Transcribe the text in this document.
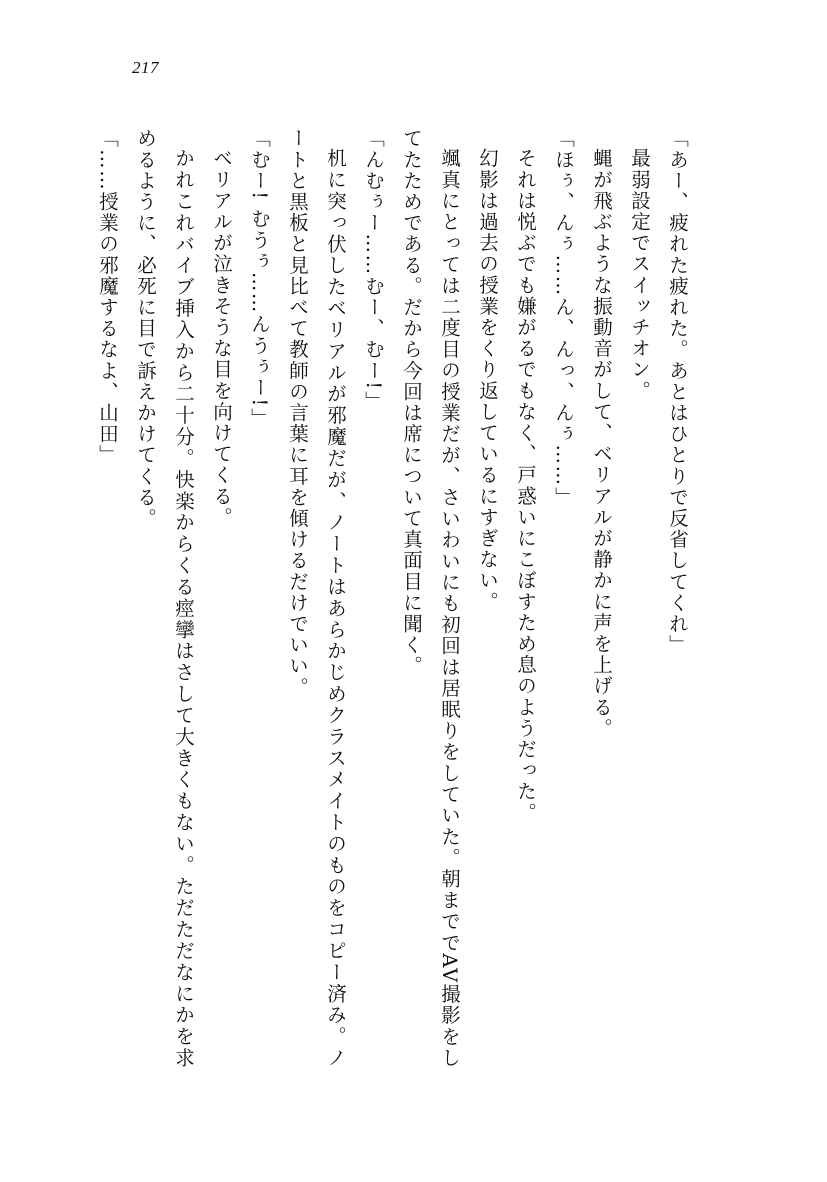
217

「あー、疲れた疲れた。あとはひとりで反省してくれ」

最弱設定でスイッチオン。

蝿が飛ぶような振動音がして、ベリアルが静かに声を上げる。

「ほぅ、んぅ……ん、んっ、んぅ……」

それは悦ぶでも嫌がるでもなく、戸惑いにこぼすため息のようだった。

幻影は過去の授業をくり返しているにすぎない。

颯真にとっては二度目の授業だが、さいわいにも初回は居眠りをしていた。朝まででAV撮影をしてたためである。だから今回は席について真面目に聞く。

「んむぅー……むー、むー!」

机に突っ伏したベリアルが邪魔だが、ノートはあらかじめクラスメイトのものをコピー済み。ノートと黒板と見比べて教師の言葉に耳を傾けるだけでいい。

「むー! むうぅ……んうぅー!」

ベリアルが泣きそうな目を向けてくる。

かれこれバイブ挿入から二十分。快楽からくる痙攣はさして大きくもない。ただただなにかを求めるように、必死に目で訴えかけてくる。

「……授業の邪魔するなよ、山田」
